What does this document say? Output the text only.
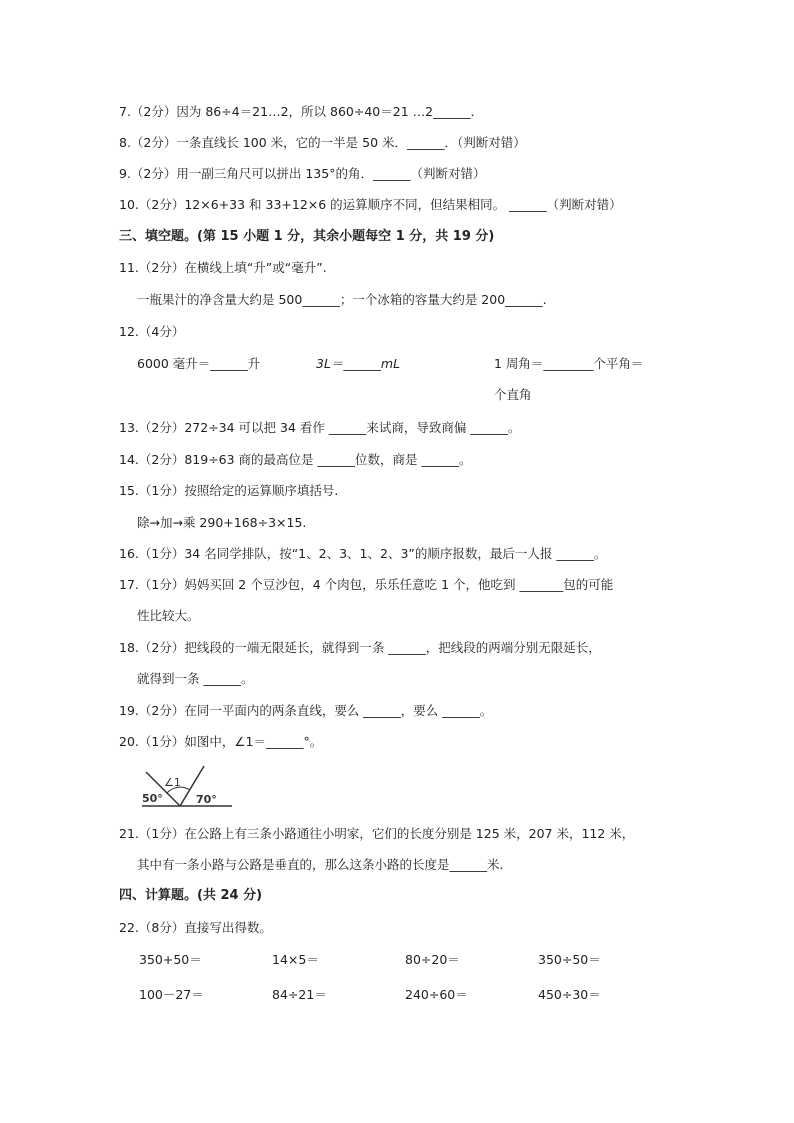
7.（2分）因为 86÷4＝21…2，所以 860÷40＝21 …2______．
8.（2分）一条直线长 100 米，它的一半是 50 米．______．（判断对错）
9.（2分）用一副三角尺可以拼出 135°的角．______（判断对错）
10.（2分）12×6+33 和 33+12×6 的运算顺序不同，但结果相同。 ______（判断对错）
三、填空题。(第 15 小题 1 分，其余小题每空 1 分，共 19 分)
11.（2分）在横线上填“升”或“毫升”.
一瓶果汁的净含量大约是 500______；一个冰箱的容量大约是 200______.
12.（4分）
6000 毫升＝______升	3L＝______mL	1 周角＝________个平角＝
个直角
13.（2分）272÷34 可以把 34 看作 ______来试商，导致商偏 ______。
14.（2分）819÷63 商的最高位是 ______位数，商是 ______。
15.（1分）按照给定的运算顺序填括号.
除→加→乘 290+168÷3×15.
16.（1分）34 名同学排队，按“1、2、3、1、2、3”的顺序报数，最后一人报 ______。
17.（1分）妈妈买回 2 个豆沙包，4 个肉包，乐乐任意吃 1 个，他吃到 _______包的可能
性比较大。
18.（2分）把线段的一端无限延长，就得到一条 ______，把线段的两端分别无限延长，
就得到一条 ______。
19.（2分）在同一平面内的两条直线，要么 ______，要么 ______。
20.（1分）如图中，∠1＝______°。
∠1
50°	70°
21.（1分）在公路上有三条小路通往小明家，它们的长度分别是 125 米，207 米，112 米，
其中有一条小路与公路是垂直的，那么这条小路的长度是______米．
四、计算题。(共 24 分)
22.（8分）直接写出得数。
350+50＝	14×5＝	80÷20＝	350÷50＝
100－27＝	84÷21＝	240÷60＝	450÷30＝
